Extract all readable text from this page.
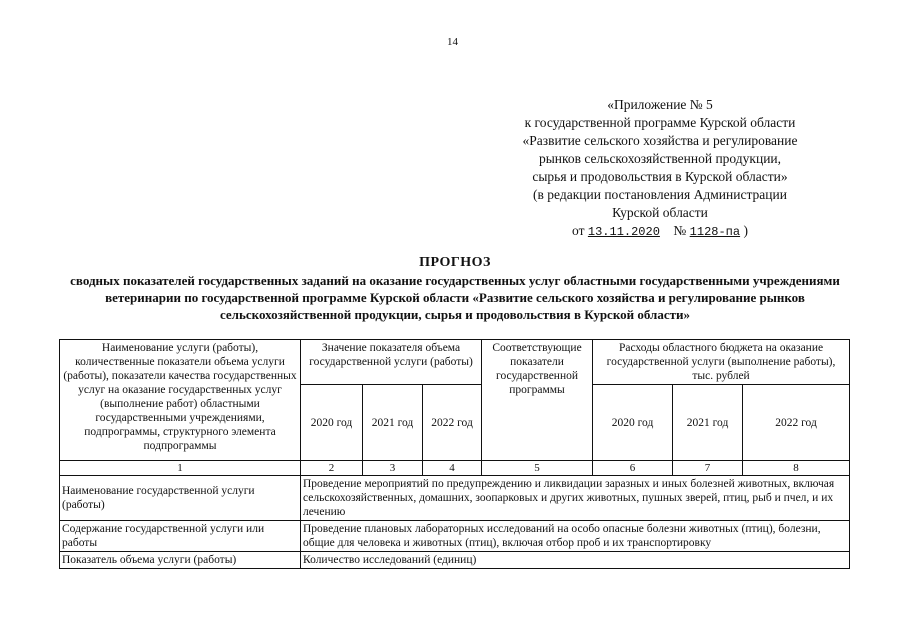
14
«Приложение № 5
к государственной программе Курской области
«Развитие сельского хозяйства и регулирование
рынков сельскохозяйственной продукции,
сырья и продовольствия в Курской области»
(в редакции постановления Администрации
Курской области
от 13.11.2020 № 1128-па )
ПРОГНОЗ
сводных показателей государственных заданий на оказание государственных услуг областными государственными учреждениями ветеринарии по государственной программе Курской области «Развитие сельского хозяйства и регулирование рынков сельскохозяйственной продукции, сырья и продовольствия в Курской области»
Наименование услуги (работы), количественные показатели объема услуги (работы), показатели качества государственных услуг на оказание государственных услуг (выполнение работ) областными государственными учреждениями, подпрограммы, структурного элемента подпрограммы	Значение показателя объема государственной услуги (работы)			Соответствующие показатели государственной программы	Расходы областного бюджета на оказание государственной услуги (выполнение работы), тыс. рублей		
	2020 год	2021 год	2022 год		2020 год	2021 год	2022 год
1	2	3	4	5	6	7	8
Наименование государственной услуги (работы)	Проведение мероприятий по предупреждению и ликвидации заразных и иных болезней животных, включая сельскохозяйственных, домашних, зоопарковых и других животных, пушных зверей, птиц, рыб и пчел, и их лечению						
Содержание государственной услуги или работы	Проведение плановых лабораторных исследований на особо опасные болезни животных (птиц), болезни, общие для человека и животных (птиц), включая отбор проб и их транспортировку						
Показатель объема услуги (работы)	Количество исследований (единиц)						
